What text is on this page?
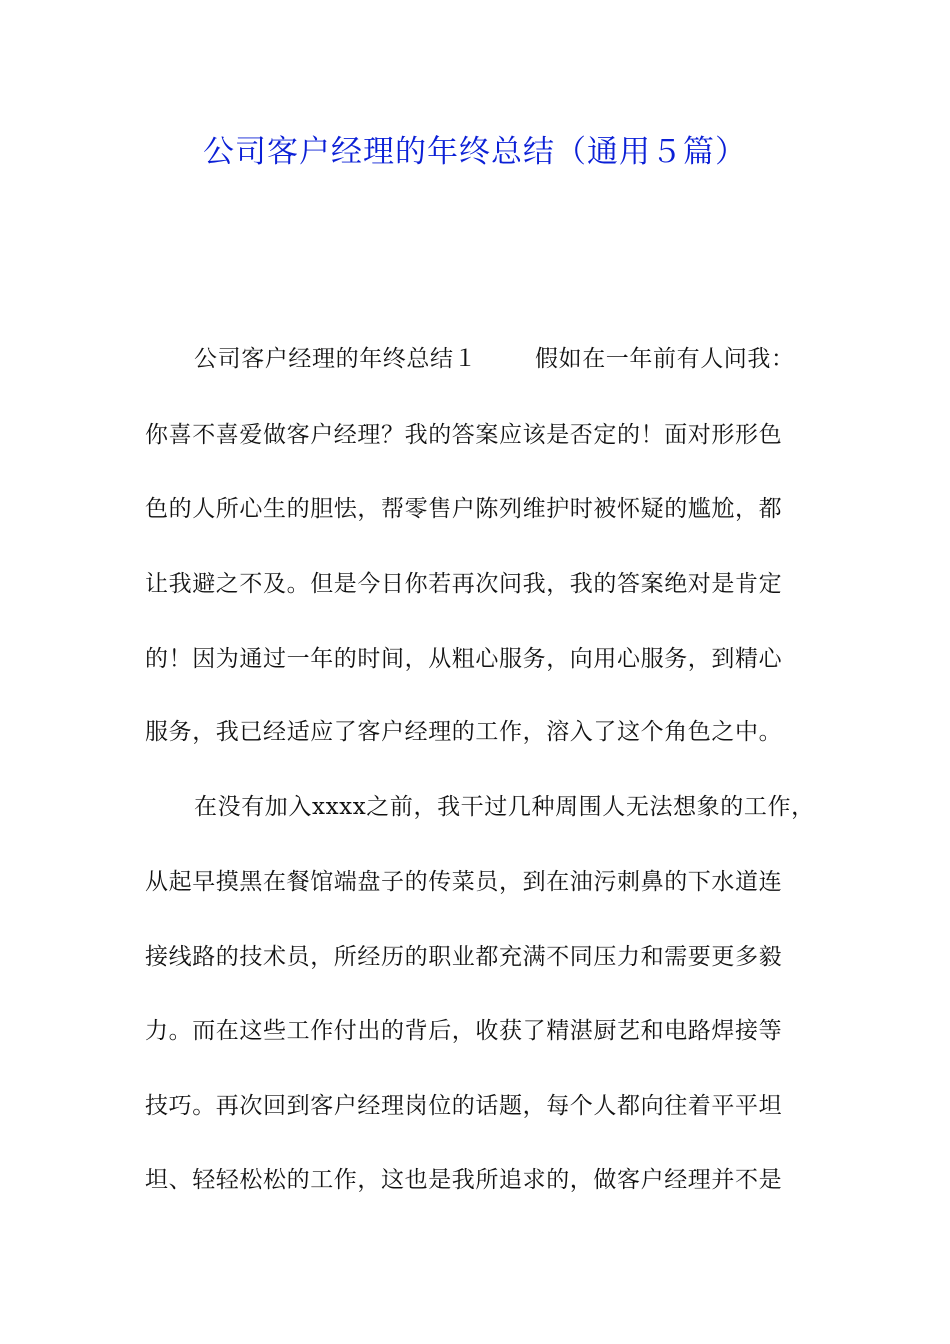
公司客户经理的年终总结（通用５篇）
公司客户经理的年终总结１	假如在一年前有人问我：
你喜不喜爱做客户经理？我的答案应该是否定的！面对形形色
色的人所心生的胆怯，帮零售户陈列维护时被怀疑的尴尬，都
让我避之不及。但是今日你若再次问我，我的答案绝对是肯定
的！因为通过一年的时间，从粗心服务，向用心服务，到精心
服务，我已经适应了客户经理的工作，溶入了这个角色之中。
在没有加入xxxx之前，我干过几种周围人无法想象的工作，
从起早摸黑在餐馆端盘子的传菜员，到在油污刺鼻的下水道连
接线路的技术员，所经历的职业都充满不同压力和需要更多毅
力。而在这些工作付出的背后，收获了精湛厨艺和电路焊接等
技巧。再次回到客户经理岗位的话题，每个人都向往着平平坦
坦、轻轻松松的工作，这也是我所追求的，做客户经理并不是
